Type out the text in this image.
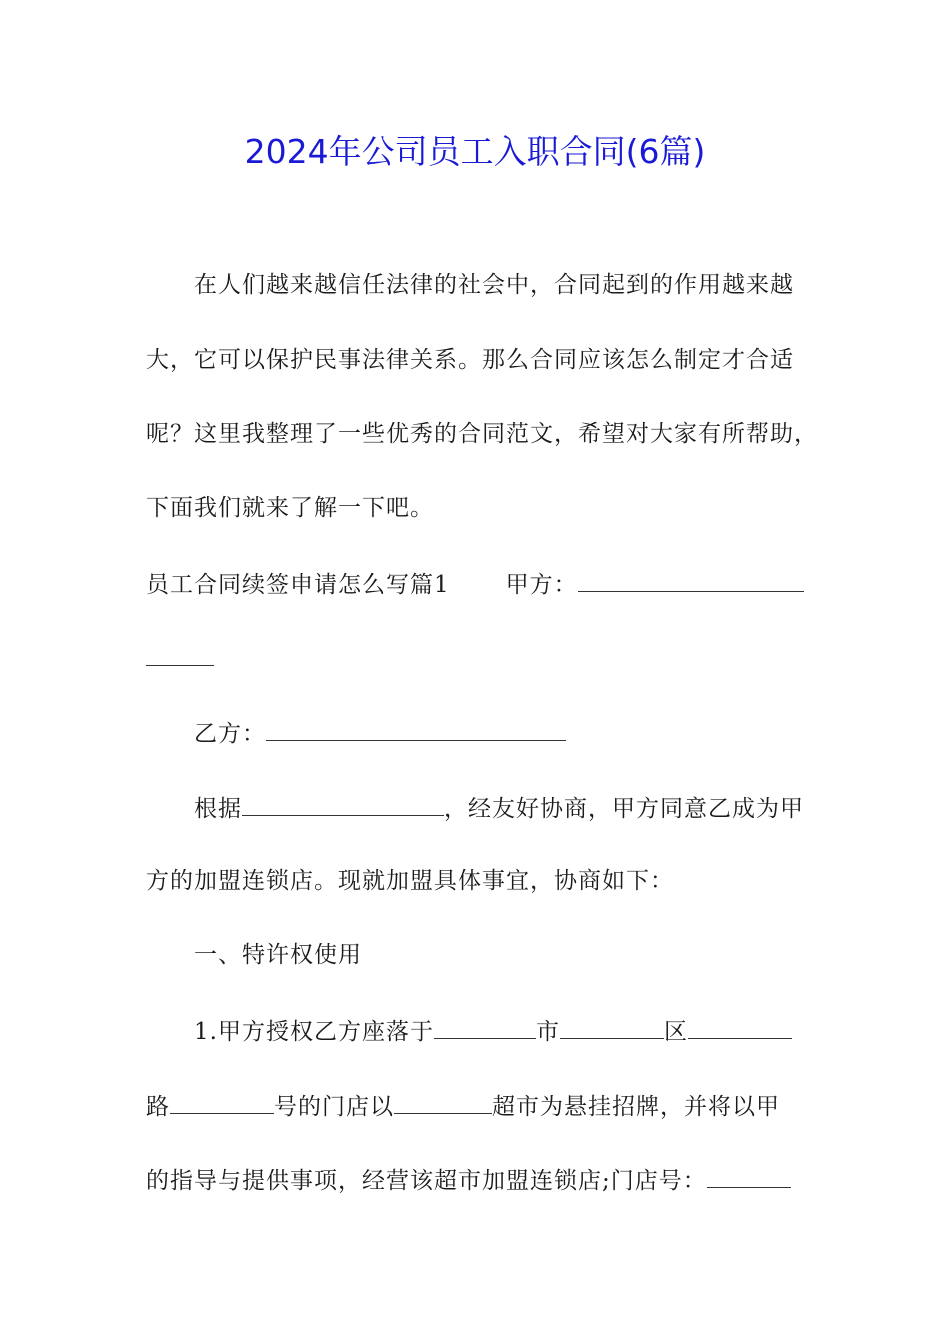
2024年公司员工入职合同(6篇)
在人们越来越信任法律的社会中，合同起到的作用越来越
大，它可以保护民事法律关系。那么合同应该怎么制定才合适
呢？这里我整理了一些优秀的合同范文，希望对大家有所帮助，
下面我们就来了解一下吧。
员工合同续签申请怎么写篇1 甲方：
乙方：
根据	，经友好协商，甲方同意乙成为甲
方的加盟连锁店。现就加盟具体事宜，协商如下：
一、特许权使用
1.甲方授权乙方座落于	市	区
路	号的门店以	超市为悬挂招牌，并将以甲
的指导与提供事项，经营该超市加盟连锁店;门店号：
